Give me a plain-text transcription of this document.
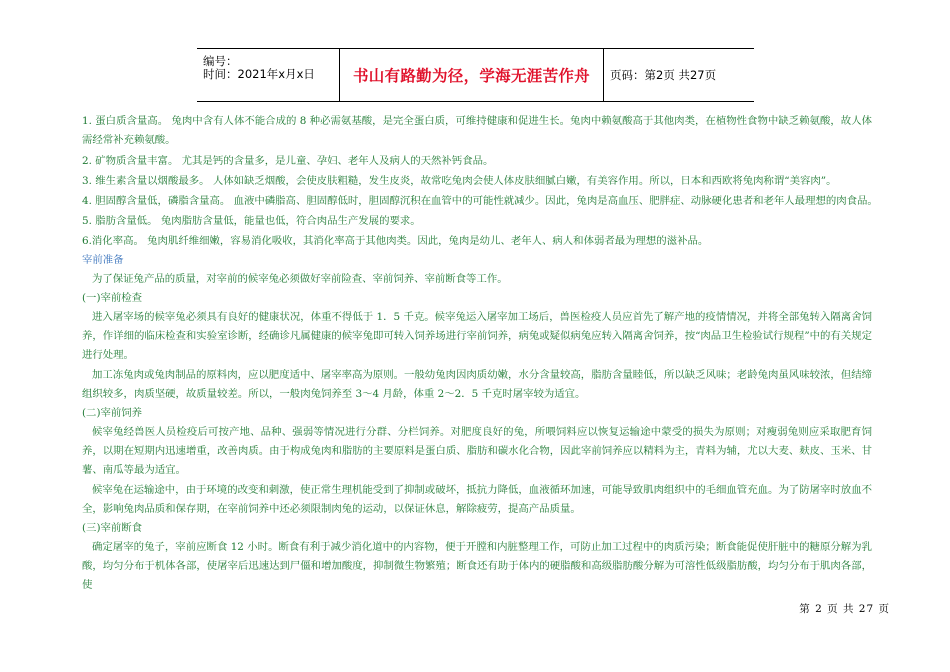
编号：
时间：2021年x月x日 书山有路勤为径，学海无涯苦作舟 页码：第2页 共27页

1. 蛋白质含量高。 兔肉中含有人体不能合成的 8 种必需氨基酸，是完全蛋白质，可维持健康和促进生长。兔肉中赖氨酸高于其他肉类，在植物性食物中缺乏赖氨酸，故人体需经常补充赖氨酸。

2. 矿物质含量丰富。 尤其是钙的含量多，是儿童、孕妇、老年人及病人的天然补钙食品。

3. 维生素含量以烟酸最多。 人体如缺乏烟酸，会使皮肤粗糙，发生皮炎，故常吃兔肉会使人体皮肤细腻白嫩，有美容作用。所以，日本和西欧将兔肉称谓“美容肉”。

4. 胆固醇含量低，磷脂含量高。 血液中磷脂高、胆固醇低时，胆固醇沉积在血管中的可能性就减少。因此，兔肉是高血压、肥胖症、动脉硬化患者和老年人最理想的肉食品。

5. 脂肪含量低。 兔肉脂肪含量低，能量也低，符合肉品生产发展的要求。

6.消化率高。 兔肉肌纤维细嫩，容易消化吸收，其消化率高于其他肉类。因此，兔肉是幼儿、老年人、病人和体弱者最为理想的滋补品。

宰前准备

为了保证兔产品的质量，对宰前的候宰兔必须做好宰前险查、宰前饲养、宰前断食等工作。

(一)宰前检查

进入屠宰场的候宰兔必须具有良好的健康状况，体重不得低于 1．5 千克。候宰兔运入屠宰加工场后，兽医检疫人员应首先了解产地的疫情情况，并将全部兔转入隔离舍饲养，作详细的临床检查和实验室诊断，经确诊凡属健康的候宰兔即可转入饲养场进行宰前饲养，病兔或疑似病兔应转入隔离舍饲养，按“肉品卫生检验试行规程”中的有关规定进行处理。

加工冻兔肉或兔肉制品的原料肉，应以肥度适中、屠宰率高为原则。一般幼兔肉因肉质幼嫩，水分含量较高，脂肪含量睦低，所以缺乏风味；老龄兔肉虽风味较浓，但结缔组织较多，肉质坚硬，故质量较差。所以，一般肉兔饲养至 3～4 月龄，体重 2～2．5 千克时屠宰较为适宜。

(二)宰前饲养

候宰兔经兽医人员检疫后可按产地、品种、强弱等情况进行分群、分栏饲养。对肥度良好的兔，所喂饲料应以恢复运输途中蒙受的损失为原则；对瘦弱兔则应采取肥育饲养，以期在短期内迅速增重，改善肉质。由于构成兔肉和脂肪的主要原料是蛋白质、脂肪和碳水化合物，因此宰前饲养应以精料为主，青料为辅，尤以大麦、麸皮、玉米、甘薯、南瓜等最为适宜。

候宰兔在运输途中，由于环境的改变和刺激，使正常生理机能受到了抑制或破坏，抵抗力降低，血液循环加速，可能导致肌肉组织中的毛细血管充血。为了防屠宰时放血不全，影响兔肉品质和保存期，在宰前饲养中还必须限制肉兔的运动，以保证休息，解除疲劳，提高产品质量。

(三)宰前断食

确定屠宰的兔子，宰前应断食 12 小时。断食有利于减少消化道中的内容物，便于开膛和内脏整理工作，可防止加工过程中的肉质污染；断食能促使肝脏中的糖原分解为乳酸，均匀分布于机体各部，使屠宰后迅速达到尸僵和增加酸度，抑制微生物繁殖；断食还有助于体内的硬脂酸和高级脂肪酸分解为可溶性低级脂肪酸，均匀分布于肌肉各部，使

第 2 页 共 27 页
